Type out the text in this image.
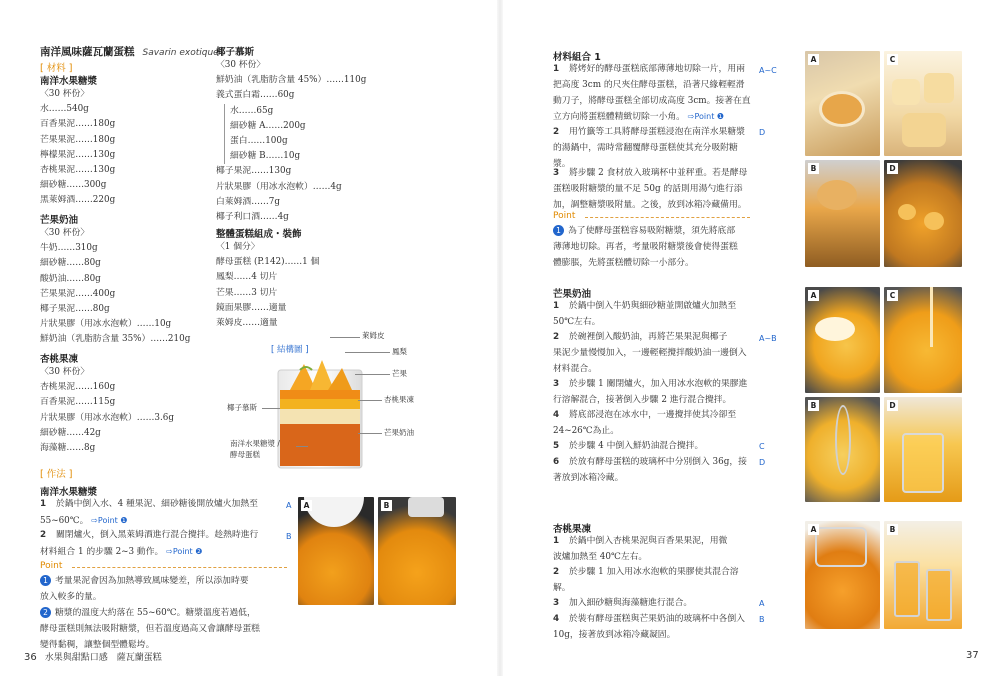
南洋風味薩瓦蘭蛋糕 Savarin exotique
[ 材料 ]
南洋水果糖漿
〈30 杯份〉
水……540g
百香果泥……180g
芒果果泥……180g
檸檬果泥……130g
杏桃果泥……130g
細砂糖……300g
黑萊姆酒……220g
芒果奶油
〈30 杯份〉
牛奶……310g
細砂糖……80g
酸奶油……80g
芒果果泥……400g
椰子果泥……80g
片狀果膠（用冰水泡軟）……10g
鮮奶油（乳脂肪含量 35%）……210g
杏桃果凍
〈30 杯份〉
杏桃果泥……160g
百香果泥……115g
片狀果膠（用冰水泡軟）……3.6g
細砂糖……42g
海藻糖……8g
椰子慕斯
〈30 杯份〉
鮮奶油（乳脂肪含量 45%）……110g
義式蛋白霜……60g
水……65g
細砂糖 A……200g
蛋白……100g
細砂糖 B……10g
椰子果泥……130g
片狀果膠（用冰水泡軟）……4g
白萊姆酒……7g
椰子利口酒……4g
整體蛋糕組成・裝飾
〈1 個分〉
酵母蛋糕 (P.142)……1 個
鳳梨……4 切片
芒果……3 切片
鏡面果膠……適量
萊姆皮……適量
[ 結構圖 ]
萊姆皮
鳳梨
芒果
杏桃果凍
芒果奶油
椰子慕斯
南洋水果糖漿 /
酵母蛋糕
[ 作法 ]
南洋水果糖漿
1 於鍋中倒入水、4 種果泥、細砂糖後開放爐火加熱至
55~60℃。 ⇨Point ❶
A
2 關閉爐火，倒入黑萊姆酒進行混合攪拌。趁熱時進行
材料組合 1 的步驟 2~3 動作。 ⇨Point ❷
B
Point
1 考量果泥會因為加熱導致風味變差，所以添加時要
放入較多的量。
2 糖漿的溫度大約落在 55~60℃。糖漿溫度若過低，
酵母蛋糕則無法吸附糖漿，但若溫度過高又會讓酵母蛋糕
變得黏稠，讓整個型體鬆垮。
A	B
36 水果與甜點口感　薩瓦蘭蛋糕
材料組合 1
1 將烤好的酵母蛋糕底部薄薄地切除一片，用兩
把高度 3cm 的尺夾住酵母蛋糕，沿著尺緣輕輕滑
動刀子，將酵母蛋糕全部切成高度 3cm。接著在直
立方向將蛋糕體精緻切除一小角。 ⇨Point ❶
A~C
2 用竹籤等工具將酵母蛋糕浸泡在南洋水果糖漿
的湯鍋中，需時常翻覆酵母蛋糕使其充分吸附糖
漿。
D
3 將步驟 2 食材放入玻璃杯中並秤重。若是酵母
蛋糕吸附糖漿的量不足 50g 的話則用湯勺進行添
加，調整糖漿吸附量。之後，放到冰箱冷藏備用。
Point
1 為了使酵母蛋糕容易吸附糖漿，須先將底部
薄薄地切除。再者，考量吸附糖漿後會使得蛋糕
體膨脹，先將蛋糕體切除一小部分。
A	C
B	D
芒果奶油
1 於鍋中倒入牛奶與細砂糖並開啟爐火加熱至
50℃左右。
2 於碗裡倒入酸奶油，再將芒果果泥與椰子
果泥少量慢慢加入，一邊輕輕攪拌酸奶油一邊倒入
材料混合。
A~B
3 於步驟 1 關閉爐火，加入用冰水泡軟的果膠進
行溶解混合，接著倒入步驟 2 進行混合攪拌。
4 將底部浸泡在冰水中，一邊攪拌使其冷卻至
24~26℃為止。
5 於步驟 4 中倒入鮮奶油混合攪拌。	C
6 於放有酵母蛋糕的玻璃杯中分別倒入 36g，接
著放到冰箱冷藏。
D
A	C
B	D
杏桃果凍
1 於鍋中倒入杏桃果泥與百香果果泥，用微
波爐加熱至 40℃左右。
2 於步驟 1 加入用冰水泡軟的果膠使其混合溶
解。
3 加入細砂糖與海藻糖進行混合。	A
4 於裝有酵母蛋糕與芒果奶油的玻璃杯中各倒入
10g，接著放到冰箱冷藏凝固。
B
A	B
37
